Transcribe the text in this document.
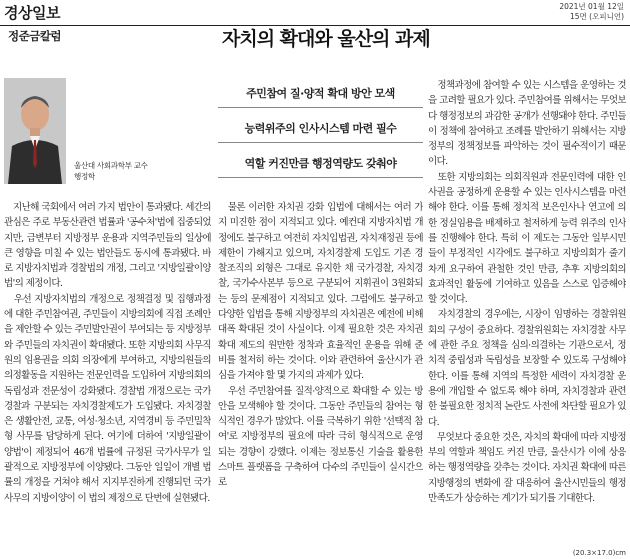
경상일보	2021년 01월 12일
15면 (오피니언)
정준금칼럼	자치의 확대와 울산의 과제
울산대 사회과학부 교수
행정학
주민참여 질·양적 확대 방안 모색
능력위주의 인사시스템 마련 필수
역할 커진만큼 행정역량도 갖춰야

　지난해 국회에서 여러 가지 법안이 통과됐다. 세간의 관심은 주로 부동산관련 법률과 '공수처'법에 집중되었지만, 급변부터 지방정부 운용과 지역주민들의 일상에 큰 영향을 미칠 수 있는 법안들도 동시에 통과됐다. 바로 지방자치법과 경찰법의 개정, 그리고 '지방일괄이양법'의 제정이다.

　우선 지방자치법의 개정으로 정책결정 및 집행과정에 대한 주민참여권, 주민들이 지방의회에 직접 조례안을 제안할 수 있는 주민발안권이 부여되는 등 지방정부와 주민들의 자치권이 확대됐다. 또한 지방의회 사무직원의 임용권을 의회 의장에게 부여하고, 지방의원들의 의정활동을 지원하는 전문인력을 도입하여 지방의회의 독립성과 전문성이 강화됐다. 경찰법 개정으로는 국가경찰과 구분되는 자치경찰제도가 도입됐다. 자치경찰은 생활안전, 교통, 여성·청소년, 지역경비 등 주민밀착형 사무를 담당하게 된다. 여기에 더하여 '지방일괄이양법'이 제정되어 46개 법률에 규정된 국가사무가 일괄적으로 지방정부에 이양됐다. 그동안 일일이 개별 법률의 개정을 거쳐야 해서 지지부진하게 진행되던 국가사무의 지방이양이 이 법의 제정으로 단번에 실현됐다.

　물론 이러한 자치권 강화 입법에 대해서는 여러 가지 미진한 점이 지적되고 있다. 예컨대 지방자치법 개정에도 불구하고 여전히 자치입법권, 자치재정권 등에 제한이 가해지고 있으며, 자치경찰제 도입도 기존 경찰조직의 외형은 그대로 유지한 채 국가경찰, 자치경찰, 국가수사본부 등으로 구분되어 지휘권이 3원화되는 등의 문제점이 지적되고 있다. 그럼에도 불구하고 다양한 입법을 통해 지방정부의 자치권은 예전에 비해 대폭 확대된 것이 사실이다. 이제 필요한 것은 자치권 확대 제도의 원만한 정착과 효율적인 운용을 위해 준비를 철저히 하는 것이다. 이와 관련하여 울산시가 관심을 가져야 할 몇 가지의 과제가 있다.

　우선 주민참여를 질적·양적으로 확대할 수 있는 방안을 모색해야 할 것이다. 그동안 주민들의 참여는 형식적인 경우가 많았다. 이를 극복하기 위한 '선택적 참여'로 지방정부의 필요에 따라 극히 형식적으로 운영되는 경향이 강했다. 이제는 정보통신 기술을 활용한 스마트 플랫폼을 구축하여 다수의 주민들이 실시간으로

　정책과정에 참여할 수 있는 시스템을 운영하는 것을 고려할 필요가 있다. 주민참여를 위해서는 무엇보다 행정정보의 과감한 공개가 선행돼야 한다. 주민들이 정책에 참여하고 조례를 발안하기 위해서는 지방정부의 정책정보를 파악하는 것이 필수적이기 때문이다.

　또한 지방의회는 의회직원과 전문인력에 대한 인사권을 공정하게 운용할 수 있는 인사시스템을 마련해야 한다. 이를 통해 정치적 보은인사나 연고에 의한 정실임용을 배제하고 철저하게 능력 위주의 인사를 진행해야 한다. 특히 이 제도는 그동안 일부시민들이 부정적인 시각에도 불구하고 지방의회가 줄기차게 요구하여 관철한 것인 만큼, 추후 지방의회의 효과적인 활동에 기여하고 있음을 스스로 입증해야 할 것이다.

　자치경찰의 경우에는, 시장이 임명하는 경찰위원회의 구성이 중요하다. 경찰위원회는 자치경찰 사무에 관한 주요 정책을 심의·의결하는 기관으로서, 정치적 중립성과 독립성을 보장할 수 있도록 구성해야 한다. 이를 통해 지역의 특정한 세력이 자치경찰 운용에 개입할 수 없도록 해야 하며, 자치경찰과 관련한 불필요한 정치적 논란도 사전에 차단할 필요가 있다.

　무엇보다 중요한 것은, 자치의 확대에 따라 지방정부의 역할과 책임도 커진 만큼, 울산시가 이에 상응하는 행정역량을 갖추는 것이다. 자치권 확대에 따른 지방행정의 변화에 잘 대응하여 울산시민들의 행정만족도가 상승하는 계기가 되기를 기대한다.

(20.3×17.0)cm
